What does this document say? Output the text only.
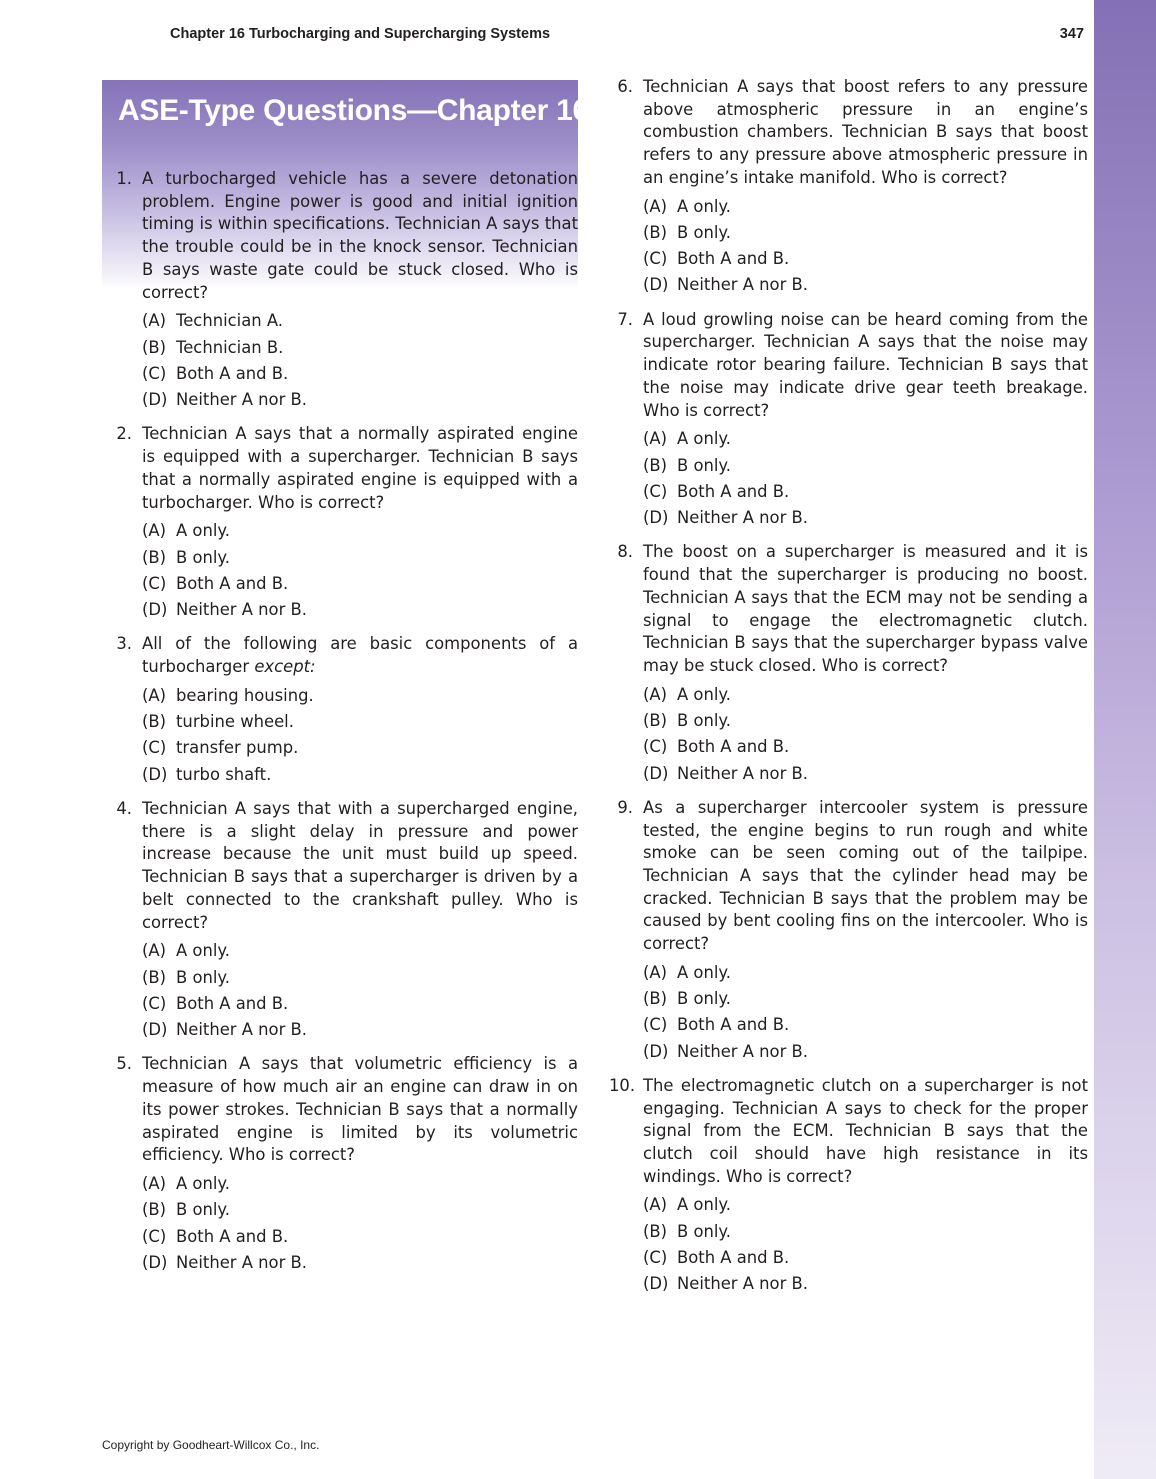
Chapter 16 Turbocharging and Supercharging Systems	347
ASE-Type Questions—Chapter 16
1. A turbocharged vehicle has a severe detonation problem. Engine power is good and initial ignition timing is within specifications. Technician A says that the trouble could be in the knock sensor. Technician B says waste gate could be stuck closed. Who is correct?
(A) Technician A.
(B) Technician B.
(C) Both A and B.
(D) Neither A nor B.
2. Technician A says that a normally aspirated engine is equipped with a supercharger. Technician B says that a normally aspirated engine is equipped with a turbocharger. Who is correct?
(A) A only.
(B) B only.
(C) Both A and B.
(D) Neither A nor B.
3. All of the following are basic components of a turbocharger except:
(A) bearing housing.
(B) turbine wheel.
(C) transfer pump.
(D) turbo shaft.
4. Technician A says that with a supercharged engine, there is a slight delay in pressure and power increase because the unit must build up speed. Technician B says that a supercharger is driven by a belt connected to the crankshaft pulley. Who is correct?
(A) A only.
(B) B only.
(C) Both A and B.
(D) Neither A nor B.
5. Technician A says that volumetric efficiency is a measure of how much air an engine can draw in on its power strokes. Technician B says that a normally aspirated engine is limited by its volumetric efficiency. Who is correct?
(A) A only.
(B) B only.
(C) Both A and B.
(D) Neither A nor B.
6. Technician A says that boost refers to any pressure above atmospheric pressure in an engine’s combustion chambers. Technician B says that boost refers to any pressure above atmospheric pressure in an engine’s intake manifold. Who is correct?
(A) A only.
(B) B only.
(C) Both A and B.
(D) Neither A nor B.
7. A loud growling noise can be heard coming from the supercharger. Technician A says that the noise may indicate rotor bearing failure. Technician B says that the noise may indicate drive gear teeth breakage. Who is correct?
(A) A only.
(B) B only.
(C) Both A and B.
(D) Neither A nor B.
8. The boost on a supercharger is measured and it is found that the supercharger is producing no boost. Technician A says that the ECM may not be sending a signal to engage the electromagnetic clutch. Technician B says that the supercharger bypass valve may be stuck closed. Who is correct?
(A) A only.
(B) B only.
(C) Both A and B.
(D) Neither A nor B.
9. As a supercharger intercooler system is pressure tested, the engine begins to run rough and white smoke can be seen coming out of the tailpipe. Technician A says that the cylinder head may be cracked. Technician B says that the problem may be caused by bent cooling fins on the intercooler. Who is correct?
(A) A only.
(B) B only.
(C) Both A and B.
(D) Neither A nor B.
10. The electromagnetic clutch on a supercharger is not engaging. Technician A says to check for the proper signal from the ECM. Technician B says that the clutch coil should have high resistance in its windings. Who is correct?
(A) A only.
(B) B only.
(C) Both A and B.
(D) Neither A nor B.
Copyright by Goodheart-Willcox Co., Inc.
